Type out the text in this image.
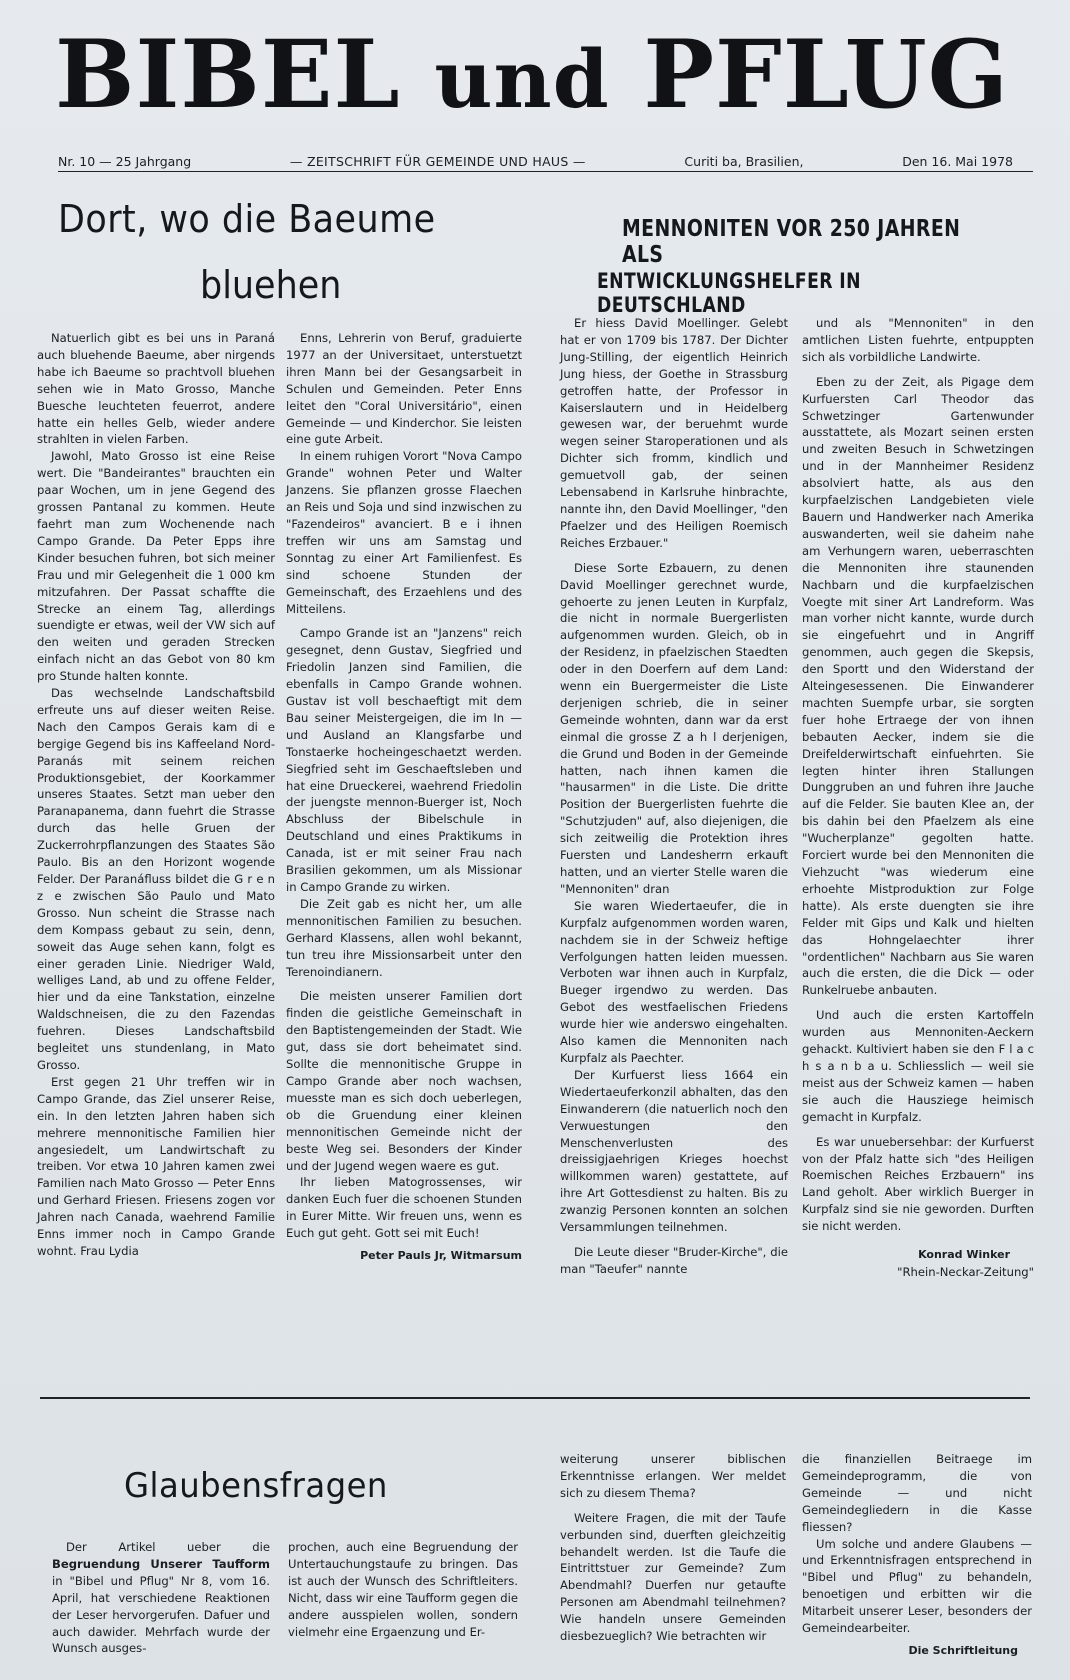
BIBEL und PFLUG
Nr. 10 — 25 Jahrgang	— ZEITSCHRIFT FÜR GEMEINDE UND HAUS —	Curiti ba, Brasilien,	Den 16. Mai 1978
Dort, wo die Baeume
bluehen
MENNONITEN VOR 250 JAHREN ALS
ENTWICKLUNGSHELFER IN DEUTSCHLAND

Natuerlich gibt es bei uns in Paraná auch bluehende Baeume, aber nirgends habe ich Baeume so prachtvoll bluehen sehen wie in Mato Grosso, Manche Buesche leuchteten feuerrot, andere hatte ein helles Gelb, wieder andere strahlten in vielen Farben.

Jawohl, Mato Grosso ist eine Reise wert. Die "Bandeirantes" brauchten ein paar Wochen, um in jene Gegend des grossen Pantanal zu kommen. Heute faehrt man zum Wochenende nach Campo Grande. Da Peter Epps ihre Kinder besuchen fuhren, bot sich meiner Frau und mir Gelegenheit die 1 000 km mitzufahren. Der Passat schaffte die Strecke an einem Tag, allerdings suendigte er etwas, weil der VW sich auf den weiten und geraden Strecken einfach nicht an das Gebot von 80 km pro Stunde halten konnte.

Das wechselnde Landschaftsbild erfreute uns auf dieser weiten Reise. Nach den Campos Gerais kam di e bergige Gegend bis ins Kaffeeland Nord-Paranás mit seinem reichen Produktionsgebiet, der Koorkammer unseres Staates. Setzt man ueber den Paranapanema, dann fuehrt die Strasse durch das helle Gruen der Zuckerrohrpflanzungen des Staates São Paulo. Bis an den Horizont wogende Felder. Der Paranáfluss bildet die G r e n z e zwischen São Paulo und Mato Grosso. Nun scheint die Strasse nach dem Kompass gebaut zu sein, denn, soweit das Auge sehen kann, folgt es einer geraden Linie. Niedriger Wald, welliges Land, ab und zu offene Felder, hier und da eine Tankstation, einzelne Waldschneisen, die zu den Fazendas fuehren. Dieses Landschaftsbild begleitet uns stundenlang, in Mato Grosso.

Erst gegen 21 Uhr treffen wir in Campo Grande, das Ziel unserer Reise, ein. In den letzten Jahren haben sich mehrere mennonitische Familien hier angesiedelt, um Landwirtschaft zu treiben. Vor etwa 10 Jahren kamen zwei Familien nach Mato Grosso — Peter Enns und Gerhard Friesen. Friesens zogen vor Jahren nach Canada, waehrend Familie Enns immer noch in Campo Grande wohnt. Frau Lydia

Enns, Lehrerin von Beruf, graduierte 1977 an der Universitaet, unterstuetzt ihren Mann bei der Gesangsarbeit in Schulen und Gemeinden. Peter Enns leitet den "Coral Universitário", einen Gemeinde — und Kinderchor. Sie leisten eine gute Arbeit.

In einem ruhigen Vorort "Nova Campo Grande" wohnen Peter und Walter Janzens. Sie pflanzen grosse Flaechen an Reis und Soja und sind inzwischen zu "Fazendeiros" avanciert. B e i ihnen treffen wir uns am Samstag und Sonntag zu einer Art Familienfest. Es sind schoene Stunden der Gemeinschaft, des Erzaehlens und des Mitteilens.

Campo Grande ist an "Janzens" reich gesegnet, denn Gustav, Siegfried und Friedolin Janzen sind Familien, die ebenfalls in Campo Grande wohnen. Gustav ist voll beschaeftigt mit dem Bau seiner Meistergeigen, die im In — und Ausland an Klangsfarbe und Tonstaerke hocheingeschaetzt werden. Siegfried seht im Geschaeftsleben und hat eine Drueckerei, waehrend Friedolin der juengste mennon-Buerger ist, Noch Abschluss der Bibelschule in Deutschland und eines Praktikums in Canada, ist er mit seiner Frau nach Brasilien gekommen, um als Missionar in Campo Grande zu wirken.

Die Zeit gab es nicht her, um alle mennonitischen Familien zu besuchen. Gerhard Klassens, allen wohl bekannt, tun treu ihre Missionsarbeit unter den Terenoindianern.

Die meisten unserer Familien dort finden die geistliche Gemeinschaft in den Baptistengemeinden der Stadt. Wie gut, dass sie dort beheimatet sind. Sollte die mennonitische Gruppe in Campo Grande aber noch wachsen, muesste man es sich doch ueberlegen, ob die Gruendung einer kleinen mennonitischen Gemeinde nicht der beste Weg sei. Besonders der Kinder und der Jugend wegen waere es gut.

Ihr lieben Matogrossenses, wir danken Euch fuer die schoenen Stunden in Eurer Mitte. Wir freuen uns, wenn es Euch gut geht. Gott sei mit Euch!

Peter Pauls Jr, Witmarsum

Er hiess David Moellinger. Gelebt hat er von 1709 bis 1787. Der Dichter Jung-Stilling, der eigentlich Heinrich Jung hiess, der Goethe in Strassburg getroffen hatte, der Professor in Kaiserslautern und in Heidelberg gewesen war, der beruehmt wurde wegen seiner Staroperationen und als Dichter sich fromm, kindlich und gemuetvoll gab, der seinen Lebensabend in Karlsruhe hinbrachte, nannte ihn, den David Moellinger, "den Pfaelzer und des Heiligen Roemisch Reiches Erzbauer."

Diese Sorte Ezbauern, zu denen David Moellinger gerechnet wurde, gehoerte zu jenen Leuten in Kurpfalz, die nicht in normale Buergerlisten aufgenommen wurden. Gleich, ob in der Residenz, in pfaelzischen Staedten oder in den Doerfern auf dem Land: wenn ein Buergermeister die Liste derjenigen schrieb, die in seiner Gemeinde wohnten, dann war da erst einmal die grosse Z a h l derjenigen, die Grund und Boden in der Gemeinde hatten, nach ihnen kamen die "hausarmen" in die Liste. Die dritte Position der Buergerlisten fuehrte die "Schutzjuden" auf, also diejenigen, die sich zeitweilig die Protektion ihres Fuersten und Landesherrn erkauft hatten, und an vierter Stelle waren die "Mennoniten" dran

Sie waren Wiedertaeufer, die in Kurpfalz aufgenommen worden waren, nachdem sie in der Schweiz heftige Verfolgungen hatten leiden muessen. Verboten war ihnen auch in Kurpfalz, Bueger irgendwo zu werden. Das Gebot des westfaelischen Friedens wurde hier wie anderswo eingehalten. Also kamen die Mennoniten nach Kurpfalz als Paechter.

Der Kurfuerst liess 1664 ein Wiedertaeuferkonzil abhalten, das den Einwanderern (die natuerlich noch den Verwuestungen den Menschenverlusten des dreissigjaehrigen Krieges hoechst willkommen waren) gestattete, auf ihre Art Gottesdienst zu halten. Bis zu zwanzig Personen konnten an solchen Versammlungen teilnehmen.

Die Leute dieser "Bruder-Kirche", die man "Taeufer" nannte

und als "Mennoniten" in den amtlichen Listen fuehrte, entpuppten sich als vorbildliche Landwirte.

Eben zu der Zeit, als Pigage dem Kurfuersten Carl Theodor das Schwetzinger Gartenwunder ausstattete, als Mozart seinen ersten und zweiten Besuch in Schwetzingen und in der Mannheimer Residenz absolviert hatte, als aus den kurpfaelzischen Landgebieten viele Bauern und Handwerker nach Amerika auswanderten, weil sie daheim nahe am Verhungern waren, ueberraschten die Mennoniten ihre staunenden Nachbarn und die kurpfaelzischen Voegte mit siner Art Landreform. Was man vorher nicht kannte, wurde durch sie eingefuehrt und in Angriff genommen, auch gegen die Skepsis, den Sportt und den Widerstand der Alteingesessenen. Die Einwanderer machten Suempfe urbar, sie sorgten fuer hohe Ertraege der von ihnen bebauten Aecker, indem sie die Dreifelderwirtschaft einfuehrten. Sie legten hinter ihren Stallungen Dunggruben an und fuhren ihre Jauche auf die Felder. Sie bauten Klee an, der bis dahin bei den Pfaelzem als eine "Wucherplanze" gegolten hatte. Forciert wurde bei den Mennoniten die Viehzucht "was wiederum eine erhoehte Mistproduktion zur Folge hatte). Als erste duengten sie ihre Felder mit Gips und Kalk und hielten das Hohngelaechter ihrer "ordentlichen" Nachbarn aus Sie waren auch die ersten, die die Dick — oder Runkelruebe anbauten.

Und auch die ersten Kartoffeln wurden aus Mennoniten-Aeckern gehackt. Kultiviert haben sie den F l a c h s a n b a u. Schliesslich — weil sie meist aus der Schweiz kamen — haben sie auch die Hausziege heimisch gemacht in Kurpfalz.

Es war unuebersehbar: der Kurfuerst von der Pfalz hatte sich "des Heiligen Roemischen Reiches Erzbauern" ins Land geholt. Aber wirklich Buerger in Kurpfalz sind sie nie geworden. Durften sie nicht werden.

Konrad Winker

"Rhein-Neckar-Zeitung"

Glaubensfragen

Der Artikel ueber die Begruendung Unserer Taufform in "Bibel und Pflug" Nr 8, vom 16. April, hat verschiedene Reaktionen der Leser hervorgerufen. Dafuer und auch dawider. Mehrfach wurde der Wunsch ausges-

prochen, auch eine Begruendung der Untertauchungstaufe zu bringen. Das ist auch der Wunsch des Schriftleiters. Nicht, dass wir eine Taufform gegen die andere ausspielen wollen, sondern vielmehr eine Ergaenzung und Er-

weiterung unserer biblischen Erkenntnisse erlangen. Wer meldet sich zu diesem Thema?

Weitere Fragen, die mit der Taufe verbunden sind, duerften gleichzeitig behandelt werden. Ist die Taufe die Eintrittstuer zur Gemeinde? Zum Abendmahl? Duerfen nur getaufte Personen am Abendmahl teilnehmen? Wie handeln unsere Gemeinden diesbezueglich? Wie betrachten wir

die finanziellen Beitraege im Gemeindeprogramm, die von Gemeinde — und nicht Gemeindegliedern in die Kasse fliessen?

Um solche und andere Glaubens — und Erkenntnisfragen entsprechend in "Bibel und Pflug" zu behandeln, benoetigen und erbitten wir die Mitarbeit unserer Leser, besonders der Gemeindearbeiter.

Die Schriftleitung
